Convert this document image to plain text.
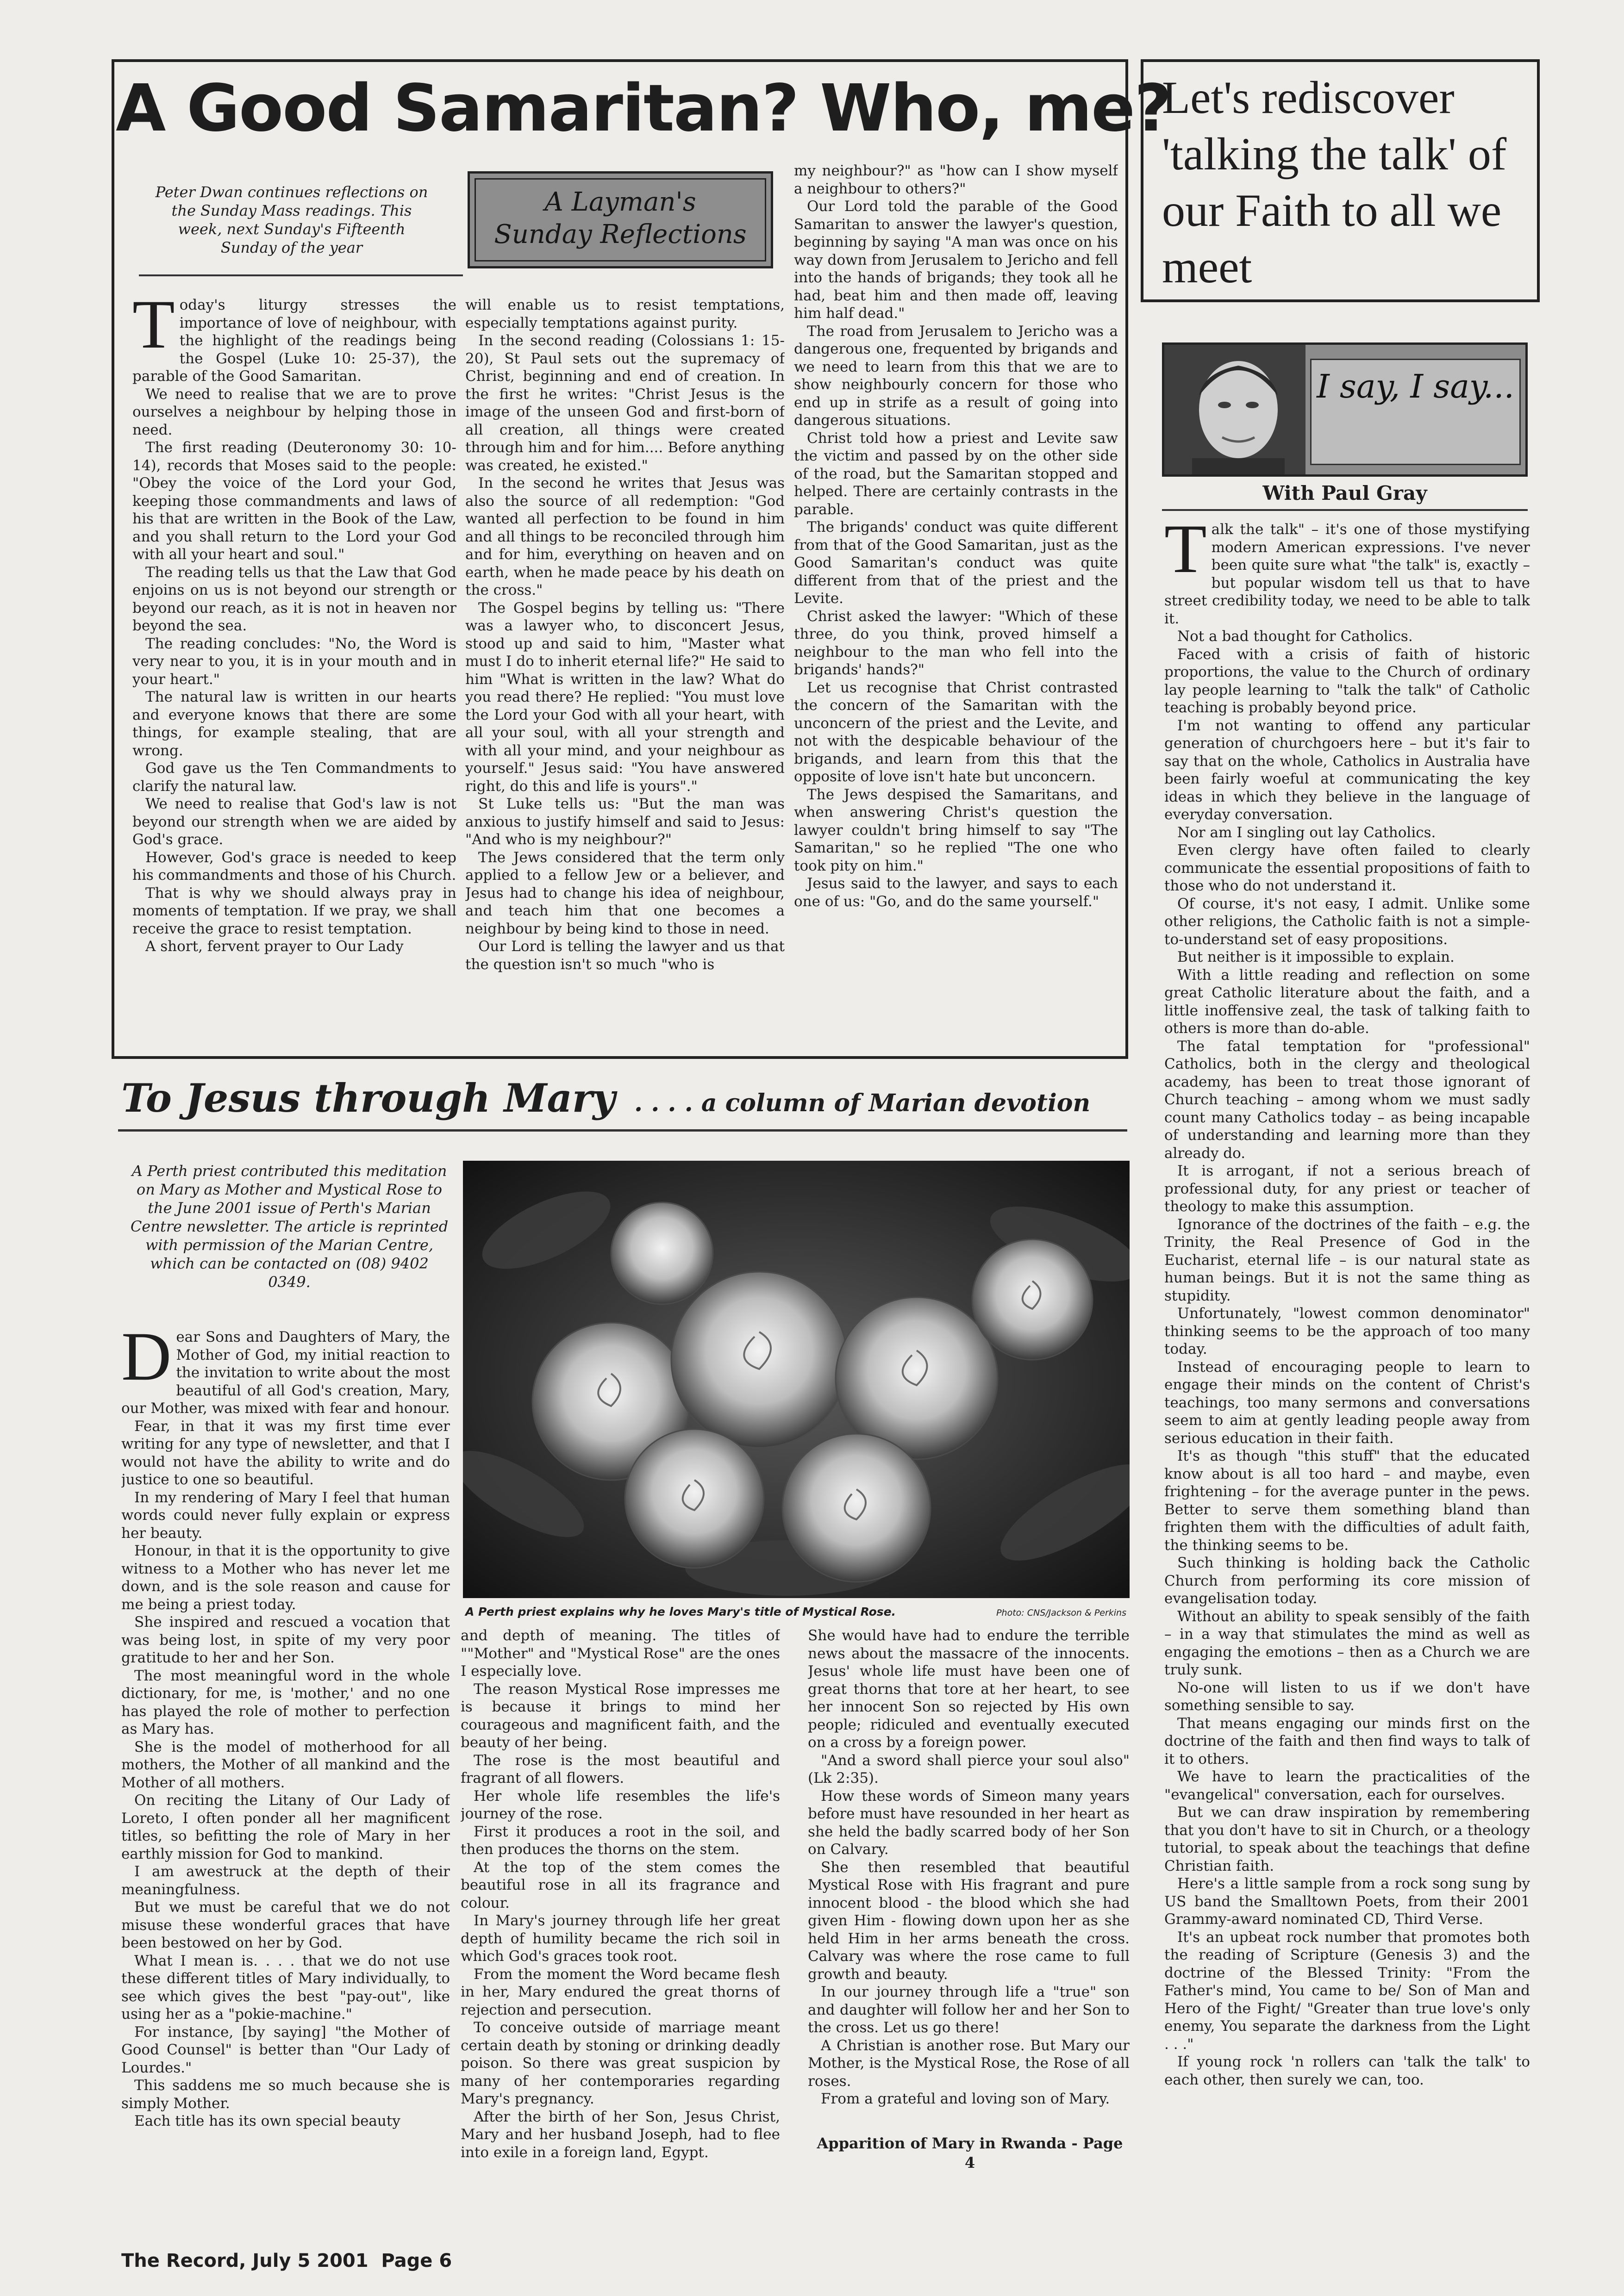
A Good Samaritan? Who, me?
Peter Dwan continues reflections on the Sunday Mass readings. This week, next Sunday's Fifteenth Sunday of the year
A Layman's
Sunday Reflections
T oday's liturgy stresses the importance of love of neighbour, with the highlight of the readings being the Gospel (Luke 10: 25-37), the parable of the Good Samaritan.

We need to realise that we are to prove ourselves a neighbour by helping those in need.

The first reading (Deuteronomy 30: 10-14), records that Moses said to the people: "Obey the voice of the Lord your God, keeping those commandments and laws of his that are written in the Book of the Law, and you shall return to the Lord your God with all your heart and soul."

The reading tells us that the Law that God enjoins on us is not beyond our strength or beyond our reach, as it is not in heaven nor beyond the sea.

The reading concludes: "No, the Word is very near to you, it is in your mouth and in your heart."

The natural law is written in our hearts and everyone knows that there are some things, for example stealing, that are wrong.

God gave us the Ten Commandments to clarify the natural law.

We need to realise that God's law is not beyond our strength when we are aided by God's grace.

However, God's grace is needed to keep his commandments and those of his Church.

That is why we should always pray in moments of temptation. If we pray, we shall receive the grace to resist temptation.

A short, fervent prayer to Our Lady

will enable us to resist temptations, especially temptations against purity.

In the second reading (Colossians 1: 15-20), St Paul sets out the supremacy of Christ, beginning and end of creation. In the first he writes: "Christ Jesus is the image of the unseen God and first-born of all creation, all things were created through him and for him.... Before anything was created, he existed."

In the second he writes that Jesus was also the source of all redemption: "God wanted all perfection to be found in him and all things to be reconciled through him and for him, everything on heaven and on earth, when he made peace by his death on the cross."

The Gospel begins by telling us: "There was a lawyer who, to disconcert Jesus, stood up and said to him, "Master what must I do to inherit eternal life?" He said to him "What is written in the law? What do you read there? He replied: "You must love the Lord your God with all your heart, with all your soul, with all your strength and with all your mind, and your neighbour as yourself." Jesus said: "You have answered right, do this and life is yours"."

St Luke tells us: "But the man was anxious to justify himself and said to Jesus: "And who is my neighbour?"

The Jews considered that the term only applied to a fellow Jew or a believer, and Jesus had to change his idea of neighbour, and teach him that one becomes a neighbour by being kind to those in need.

Our Lord is telling the lawyer and us that the question isn't so much "who is

my neighbour?" as "how can I show myself a neighbour to others?"

Our Lord told the parable of the Good Samaritan to answer the lawyer's question, beginning by saying "A man was once on his way down from Jerusalem to Jericho and fell into the hands of brigands; they took all he had, beat him and then made off, leaving him half dead."

The road from Jerusalem to Jericho was a dangerous one, frequented by brigands and we need to learn from this that we are to show neighbourly concern for those who end up in strife as a result of going into dangerous situations.

Christ told how a priest and Levite saw the victim and passed by on the other side of the road, but the Samaritan stopped and helped. There are certainly contrasts in the parable.

The brigands' conduct was quite different from that of the Good Samaritan, just as the Good Samaritan's conduct was quite different from that of the priest and the Levite.

Christ asked the lawyer: "Which of these three, do you think, proved himself a neighbour to the man who fell into the brigands' hands?"

Let us recognise that Christ contrasted the concern of the Samaritan with the unconcern of the priest and the Levite, and not with the despicable behaviour of the brigands, and learn from this that the opposite of love isn't hate but unconcern.

The Jews despised the Samaritans, and when answering Christ's question the lawyer couldn't bring himself to say "The Samaritan," so he replied "The one who took pity on him."

Jesus said to the lawyer, and says to each one of us: "Go, and do the same yourself."

To Jesus through Mary . . . . a column of Marian devotion
A Perth priest contributed this meditation on Mary as Mother and Mystical Rose to the June 2001 issue of Perth's Marian Centre newsletter. The article is reprinted with permission of the Marian Centre, which can be contacted on (08) 9402 0349.
A Perth priest explains why he loves Mary's title of Mystical Rose.	Photo: CNS/Jackson & Perkins
D ear Sons and Daughters of Mary, the Mother of God, my initial reaction to the invitation to write about the most beautiful of all God's creation, Mary, our Mother, was mixed with fear and honour.

Fear, in that it was my first time ever writing for any type of newsletter, and that I would not have the ability to write and do justice to one so beautiful.

In my rendering of Mary I feel that human words could never fully explain or express her beauty.

Honour, in that it is the opportunity to give witness to a Mother who has never let me down, and is the sole reason and cause for me being a priest today.

She inspired and rescued a vocation that was being lost, in spite of my very poor gratitude to her and her Son.

The most meaningful word in the whole dictionary, for me, is 'mother,' and no one has played the role of mother to perfection as Mary has.

She is the model of motherhood for all mothers, the Mother of all mankind and the Mother of all mothers.

On reciting the Litany of Our Lady of Loreto, I often ponder all her magnificent titles, so befitting the role of Mary in her earthly mission for God to mankind.

I am awestruck at the depth of their meaningfulness.

But we must be careful that we do not misuse these wonderful graces that have been bestowed on her by God.

What I mean is. . . . that we do not use these different titles of Mary individually, to see which gives the best "pay-out", like using her as a "pokie-machine."

For instance, [by saying] "the Mother of Good Counsel" is better than "Our Lady of Lourdes."

This saddens me so much because she is simply Mother.

Each title has its own special beauty

and depth of meaning. The titles of ""Mother" and "Mystical Rose" are the ones I especially love.

The reason Mystical Rose impresses me is because it brings to mind her courageous and magnificent faith, and the beauty of her being.

The rose is the most beautiful and fragrant of all flowers.

Her whole life resembles the life's journey of the rose.

First it produces a root in the soil, and then produces the thorns on the stem.

At the top of the stem comes the beautiful rose in all its fragrance and colour.

In Mary's journey through life her great depth of humility became the rich soil in which God's graces took root.

From the moment the Word became flesh in her, Mary endured the great thorns of rejection and persecution.

To conceive outside of marriage meant certain death by stoning or drinking deadly poison. So there was great suspicion by many of her contemporaries regarding Mary's pregnancy.

After the birth of her Son, Jesus Christ, Mary and her husband Joseph, had to flee into exile in a foreign land, Egypt.

She would have had to endure the terrible news about the massacre of the innocents. Jesus' whole life must have been one of great thorns that tore at her heart, to see her innocent Son so rejected by His own people; ridiculed and eventually executed on a cross by a foreign power.

"And a sword shall pierce your soul also" (Lk 2:35).

How these words of Simeon many years before must have resounded in her heart as she held the badly scarred body of her Son on Calvary.

She then resembled that beautiful Mystical Rose with His fragrant and pure innocent blood - the blood which she had given Him - flowing down upon her as she held Him in her arms beneath the cross. Calvary was where the rose came to full growth and beauty.

In our journey through life a "true" son and daughter will follow her and her Son to the cross. Let us go there!

A Christian is another rose. But Mary our Mother, is the Mystical Rose, the Rose of all roses.

From a grateful and loving son of Mary.

Apparition of Mary in Rwanda - Page 4
Let's rediscover 'talking the talk' of our Faith to all we meet
I say, I say...
With Paul Gray
T alk the talk" – it's one of those mystifying modern American expressions. I've never been quite sure what "the talk" is, exactly – but popular wisdom tell us that to have street credibility today, we need to be able to talk it.

Not a bad thought for Catholics.

Faced with a crisis of faith of historic proportions, the value to the Church of ordinary lay people learning to "talk the talk" of Catholic teaching is probably beyond price.

I'm not wanting to offend any particular generation of churchgoers here – but it's fair to say that on the whole, Catholics in Australia have been fairly woeful at communicating the key ideas in which they believe in the language of everyday conversation.

Nor am I singling out lay Catholics.

Even clergy have often failed to clearly communicate the essential propositions of faith to those who do not understand it.

Of course, it's not easy, I admit. Unlike some other religions, the Catholic faith is not a simple-to-understand set of easy propositions.

But neither is it impossible to explain.

With a little reading and reflection on some great Catholic literature about the faith, and a little inoffensive zeal, the task of talking faith to others is more than do-able.

The fatal temptation for "professional" Catholics, both in the clergy and theological academy, has been to treat those ignorant of Church teaching – among whom we must sadly count many Catholics today – as being incapable of understanding and learning more than they already do.

It is arrogant, if not a serious breach of professional duty, for any priest or teacher of theology to make this assumption.

Ignorance of the doctrines of the faith – e.g. the Trinity, the Real Presence of God in the Eucharist, eternal life – is our natural state as human beings. But it is not the same thing as stupidity.

Unfortunately, "lowest common denominator" thinking seems to be the approach of too many today.

Instead of encouraging people to learn to engage their minds on the content of Christ's teachings, too many sermons and conversations seem to aim at gently leading people away from serious education in their faith.

It's as though "this stuff" that the educated know about is all too hard – and maybe, even frightening – for the average punter in the pews. Better to serve them something bland than frighten them with the difficulties of adult faith, the thinking seems to be.

Such thinking is holding back the Catholic Church from performing its core mission of evangelisation today.

Without an ability to speak sensibly of the faith – in a way that stimulates the mind as well as engaging the emotions – then as a Church we are truly sunk.

No-one will listen to us if we don't have something sensible to say.

That means engaging our minds first on the doctrine of the faith and then find ways to talk of it to others.

We have to learn the practicalities of the "evangelical" conversation, each for ourselves.

But we can draw inspiration by remembering that you don't have to sit in Church, or a theology tutorial, to speak about the teachings that define Christian faith.

Here's a little sample from a rock song sung by US band the Smalltown Poets, from their 2001 Grammy-award nominated CD, Third Verse.

It's an upbeat rock number that promotes both the reading of Scripture (Genesis 3) and the doctrine of the Blessed Trinity: "From the Father's mind, You came to be/ Son of Man and Hero of the Fight/ "Greater than true love's only enemy, You separate the darkness from the Light . . ."

If young rock 'n rollers can 'talk the talk' to each other, then surely we can, too.

The Record, July 5 2001  Page 6
